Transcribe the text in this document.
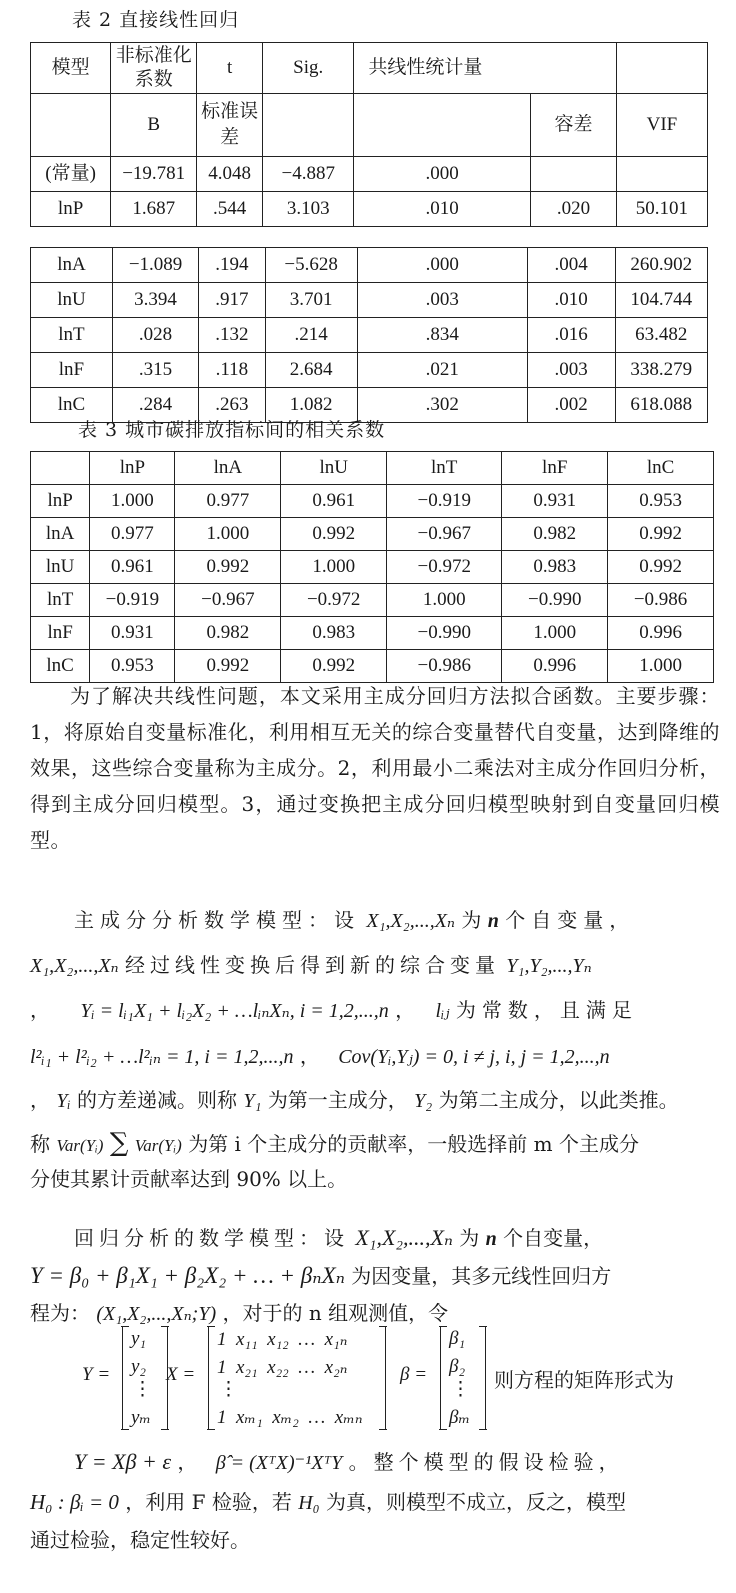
表 2 直接线性回归
模型	非标准化系数	t	Sig.	共线性统计量		
	B	标准误差			容差	VIF
(常量)	−19.781	4.048	−4.887	.000		
lnP	1.687	.544	3.103	.010	.020	50.101
lnA	−1.089	.194	−5.628	.000	.004	260.902
lnU	3.394	.917	3.701	.003	.010	104.744
lnT	.028	.132	.214	.834	.016	63.482
lnF	.315	.118	2.684	.021	.003	338.279
lnC	.284	.263	1.082	.302	.002	618.088
表 3 城市碳排放指标间的相关系数
	lnP	lnA	lnU	lnT	lnF	lnC
lnP	1.000	0.977	0.961	−0.919	0.931	0.953
lnA	0.977	1.000	0.992	−0.967	0.982	0.992
lnU	0.961	0.992	1.000	−0.972	0.983	0.992
lnT	−0.919	−0.967	−0.972	1.000	−0.990	−0.986
lnF	0.931	0.982	0.983	−0.990	1.000	0.996
lnC	0.953	0.992	0.992	−0.986	0.996	1.000
为了解决共线性问题，本文采用主成分回归方法拟合函数。主要步骤：1，将原始自变量标准化，利用相互无关的综合变量替代自变量，达到降维的效果，这些综合变量称为主成分。2，利用最小二乘法对主成分作回归分析，得到主成分回归模型。3，通过变换把主成分回归模型映射到自变量回归模型。
主成分分析数学模型：设 X₁,X₂,...,Xₙ 为 n 个自变量，
X₁,X₂,...,Xₙ 经过线性变换后得到新的综合变量 Y₁,Y₂,...,Yₙ
， Yᵢ = lᵢ₁X₁ + lᵢ₂X₂ + …lᵢₙXₙ, i = 1,2,...,n ， lᵢⱼ 为常数，且满足
l²ᵢ₁ + l²ᵢ₂ + …l²ᵢₙ = 1, i = 1,2,...,n ， Cov(Yᵢ,Yⱼ) = 0, i ≠ j, i, j = 1,2,...,n
， Yᵢ 的方差递减。则称 Y₁ 为第一主成分， Y₂ 为第二主成分，以此类推。
称 Var(Yᵢ) ∑ Var(Yᵢ) 为第 i 个主成分的贡献率，一般选择前 m 个主成分
分使其累计贡献率达到 90% 以上。
回归分析的数学模型：设 X₁,X₂,...,Xₙ 为 n 个自变量，
Y = β₀ + β₁X₁ + β₂X₂ + … + βₙXₙ 为因变量，其多元线性回归方
程为： (X₁,X₂,...,Xₙ;Y) ，对于的 n 组观测值，令
Y =
y₁
y₂
⋮
yₘ
X =
1  x₁₁  x₁₂  …  x₁ₙ
1  x₂₁  x₂₂  …  x₂ₙ
⋮
1  xₘ₁  xₘ₂  …  xₘₙ
β =
β₁
β₂
⋮
βₘ
则方程的矩阵形式为
Y = Xβ + ε ， β̂ = (XᵀX)⁻¹XᵀY 。整个模型的假设检验，
H₀ : βᵢ = 0 ，利用 F 检验，若 H₀ 为真，则模型不成立，反之，模型
通过检验，稳定性较好。
